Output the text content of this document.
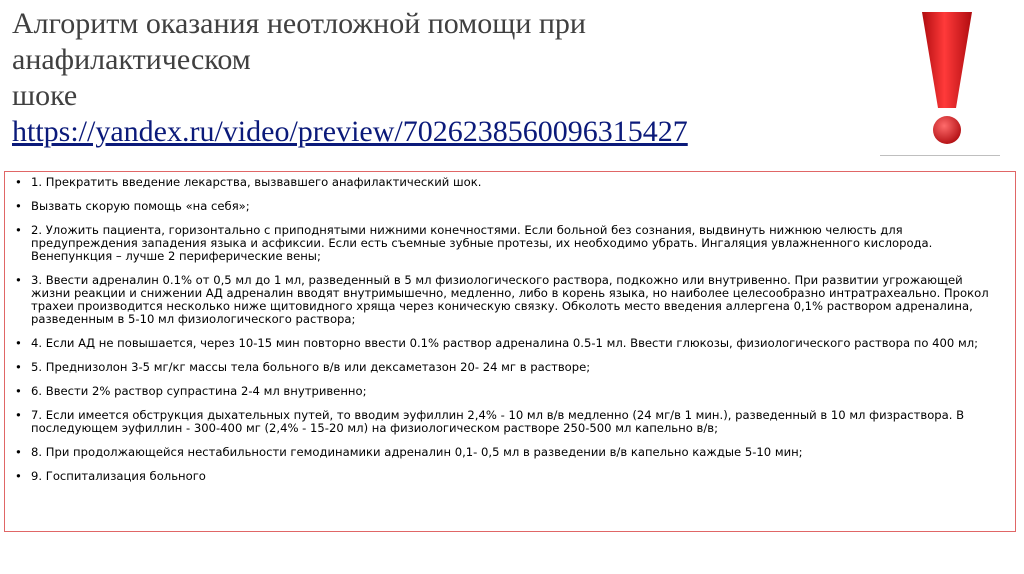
Алгоритм оказания неотложной помощи при
анафилактическом
шоке
https://yandex.ru/video/preview/7026238560096315427
• 1. Прекратить введение лекарства, вызвавшего анафилактический шок.
• Вызвать скорую помощь «на себя»;
• 2. Уложить пациента, горизонтально с приподнятыми нижними конечностями. Если больной без сознания, выдвинуть нижнюю челюсть для предупреждения западения языка и асфиксии. Если есть съемные зубные протезы, их необходимо убрать. Ингаляция увлажненного кислорода. Венепункция – лучше 2 периферические вены;
• 3. Ввести адреналин 0.1% от 0,5 мл до 1 мл, разведенный в 5 мл физиологического раствора, подкожно или внутривенно. При развитии угрожающей жизни реакции и снижении АД адреналин вводят внутримышечно, медленно, либо в корень языка, но наиболее целесообразно интратрахеально. Прокол трахеи производится несколько ниже щитовидного хряща через коническую связку. Обколоть место введения аллергена 0,1% раствором адреналина, разведенным в 5-10 мл физиологического раствора;
• 4. Если АД не повышается, через 10-15 мин повторно ввести 0.1% раствор адреналина 0.5-1 мл. Ввести глюкозы, физиологического раствора по 400 мл;
• 5. Преднизолон 3-5 мг/кг массы тела больного в/в или дексаметазон 20- 24 мг в растворе;
• 6. Ввести 2% раствор супрастина 2-4 мл внутривенно;
• 7. Если имеется обструкция дыхательных путей, то вводим эуфиллин 2,4% - 10 мл в/в медленно (24 мг/в 1 мин.), разведенный в 10 мл физраствора. В последующем эуфиллин - 300-400 мг (2,4% - 15-20 мл) на физиологическом растворе 250-500 мл капельно в/в;
• 8. При продолжающейся нестабильности гемодинамики адреналин 0,1- 0,5 мл в разведении в/в капельно каждые 5-10 мин;
• 9. Госпитализация больного
